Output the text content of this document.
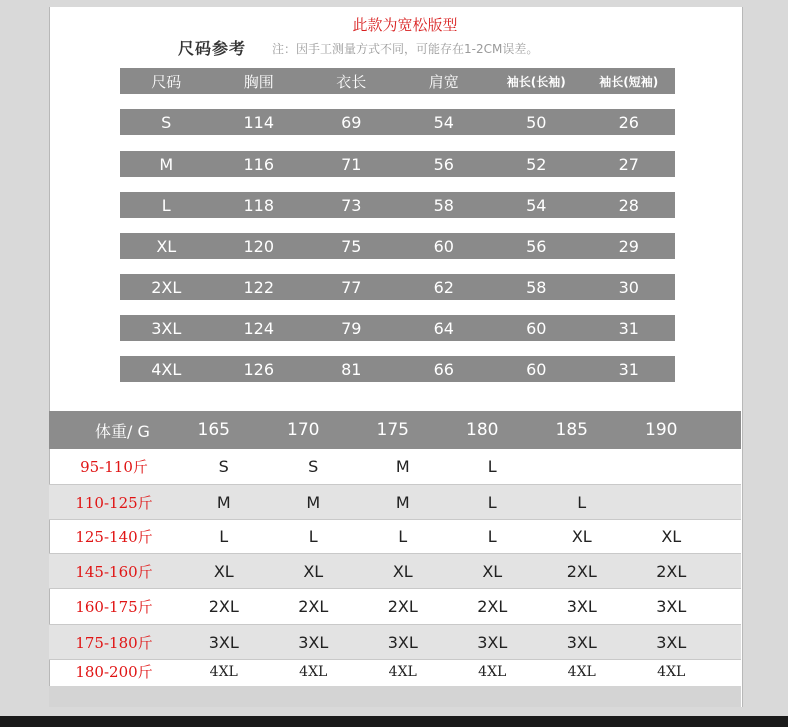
此款为宽松版型
尺码参考 注：因手工测量方式不同，可能存在1-2CM误差。
尺码	胸围	衣长	肩宽	袖长(长袖)	袖长(短袖)
S	114	69	54	50	26
M	116	71	56	52	27
L	118	73	58	54	28
XL	120	75	60	56	29
2XL	122	77	62	58	30
3XL	124	79	64	60	31
4XL	126	81	66	60	31
体重/ G	165	170	175	180	185	190
95-110斤	S	S	M	L
110-125斤	M	M	M	L	L
125-140斤	L	L	L	L	XL	XL
145-160斤	XL	XL	XL	XL	2XL	2XL
160-175斤	2XL	2XL	2XL	2XL	3XL	3XL
175-180斤	3XL	3XL	3XL	3XL	3XL	3XL
180-200斤	4XL	4XL	4XL	4XL	4XL	4XL
